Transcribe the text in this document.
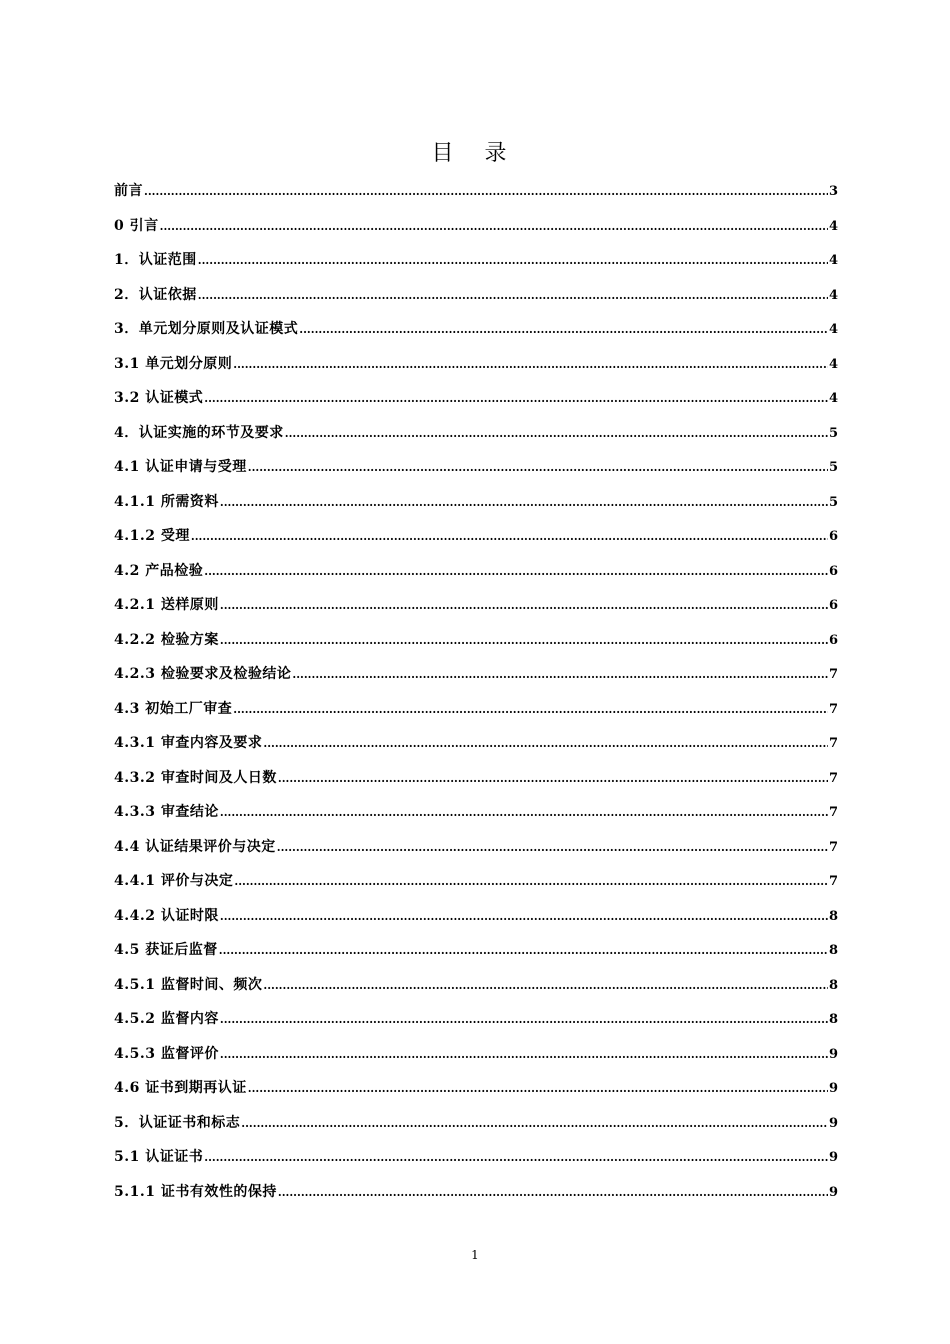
目 录
前言 .....	3
0 引言 .....	4
1．认证范围 .....	4
2．认证依据 .....	4
3．单元划分原则及认证模式 .....	4
3.1 单元划分原则 .....	4
3.2 认证模式 .....	4
4．认证实施的环节及要求 .....	5
4.1 认证申请与受理 .....	5
4.1.1 所需资料 .....	5
4.1.2 受理 .....	6
4.2 产品检验 .....	6
4.2.1 送样原则 .....	6
4.2.2 检验方案 .....	6
4.2.3 检验要求及检验结论 .....	7
4.3 初始工厂审查 .....	7
4.3.1 审查内容及要求 .....	7
4.3.2 审查时间及人日数 .....	7
4.3.3 审查结论 .....	7
4.4 认证结果评价与决定 .....	7
4.4.1 评价与决定 .....	7
4.4.2 认证时限 .....	8
4.5 获证后监督 .....	8
4.5.1 监督时间、频次 .....	8
4.5.2 监督内容 .....	8
4.5.3 监督评价 .....	9
4.6 证书到期再认证 .....	9
5．认证证书和标志 .....	9
5.1 认证证书 .....	9
5.1.1 证书有效性的保持 .....	9
1
